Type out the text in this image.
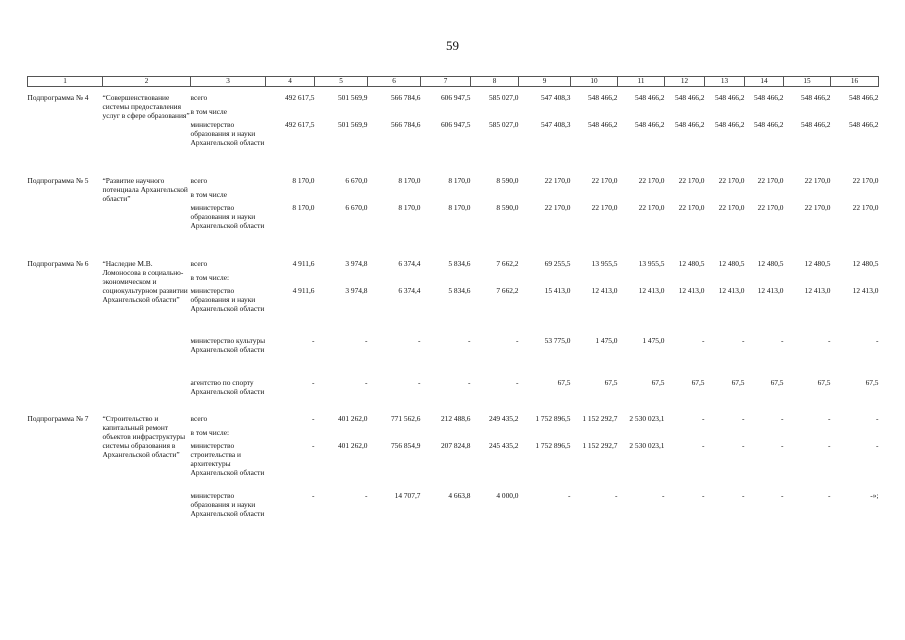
59
1	2	3	4	5	6	7	8	9	10	11	12	13	14	15	16

Подпрограмма № 4	“Совершенствование системы предоставления услуг в сфере образования”	всего	492 617,5	501 569,9	566 784,6	606 947,5	585 027,0	547 408,3	548 466,2	548 466,2	548 466,2	548 466,2	548 466,2	548 466,2	548 466,2
		в том числе													
		министерство образования и науки Архангельской области	492 617,5	501 569,9	566 784,6	606 947,5	585 027,0	547 408,3	548 466,2	548 466,2	548 466,2	548 466,2	548 466,2	548 466,2	548 466,2

Подпрограмма № 5	“Развитие научного потенциала Архангельской области”	всего	8 170,0	6 670,0	8 170,0	8 170,0	8 590,0	22 170,0	22 170,0	22 170,0	22 170,0	22 170,0	22 170,0	22 170,0	22 170,0
		в том числе													
		министерство образования и науки Архангельской области	8 170,0	6 670,0	8 170,0	8 170,0	8 590,0	22 170,0	22 170,0	22 170,0	22 170,0	22 170,0	22 170,0	22 170,0	22 170,0

Подпрограмма № 6	“Наследие М.В. Ломоносова в социально-экономическом и социокультурном развитии Архангельской области”	всего	4 911,6	3 974,8	6 374,4	5 834,6	7 662,2	69 255,5	13 955,5	13 955,5	12 480,5	12 480,5	12 480,5	12 480,5	12 480,5
		в том числе:													
		министерство образования и науки Архангельской области	4 911,6	3 974,8	6 374,4	5 834,6	7 662,2	15 413,0	12 413,0	12 413,0	12 413,0	12 413,0	12 413,0	12 413,0	12 413,0
		министерство культуры Архангельской области	-	-	-	-	-	53 775,0	1 475,0	1 475,0	-	-	-	-	-
		агентство по спорту Архангельской области	-	-	-	-	-	67,5	67,5	67,5	67,5	67,5	67,5	67,5	67,5

Подпрограмма № 7	“Строительство и капитальный ремонт объектов инфраструктуры системы образования в Архангельской области”	всего	-	401 262,0	771 562,6	212 488,6	249 435,2	1 752 896,5	1 152 292,7	2 530 023,1	-	-	-	-	-
		в том числе:													
		министерство строительства и архитектуры Архангельской области	-	401 262,0	756 854,9	207 824,8	245 435,2	1 752 896,5	1 152 292,7	2 530 023,1	-	-	-	-	-
		министерство образования и науки Архангельской области	-	-	14 707,7	4 663,8	4 000,0	-	-	-	-	-	-	-	-»;
